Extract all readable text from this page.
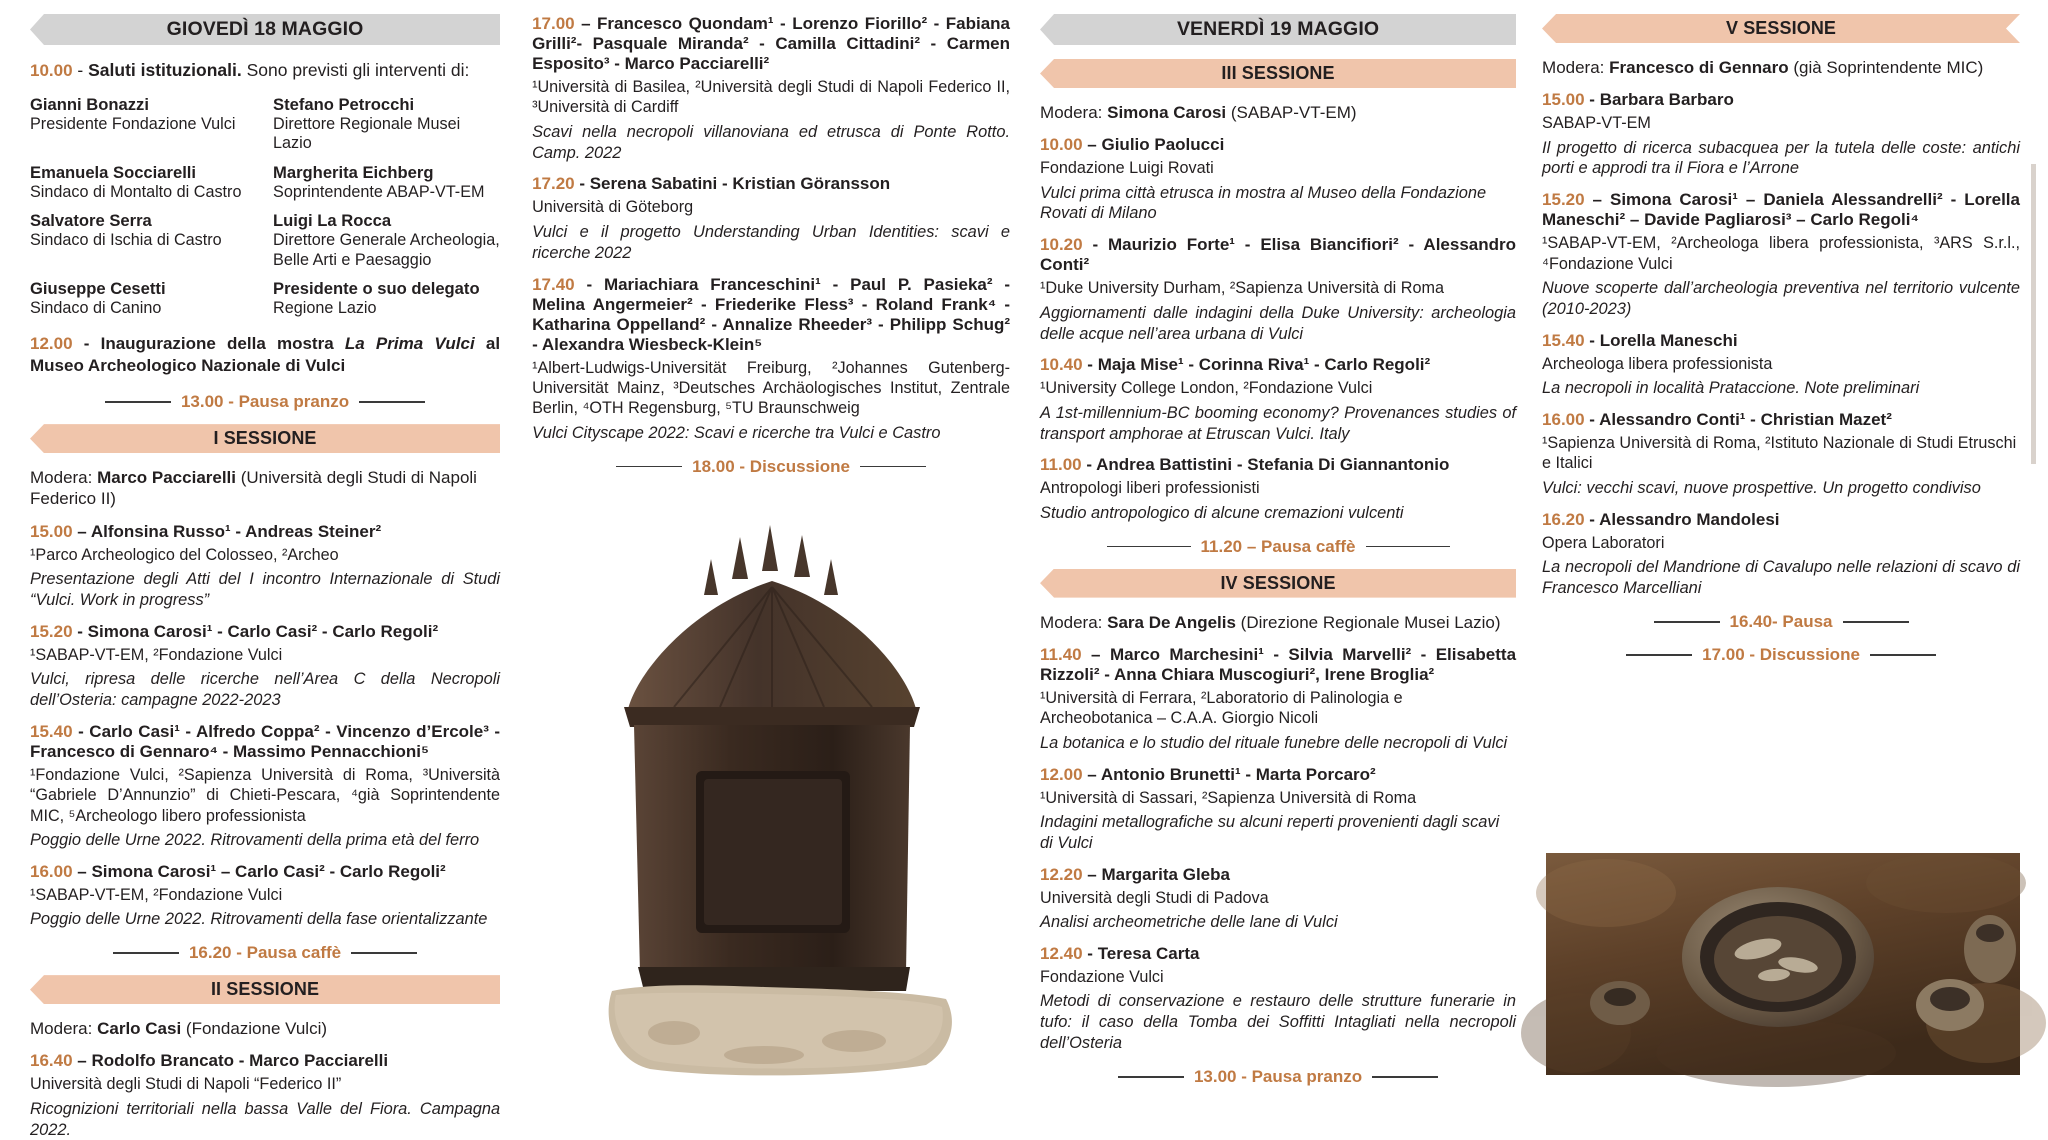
GIOVEDÌ 18 MAGGIO
10.00 - Saluti istituzionali. Sono previsti gli interventi di:
Gianni Bonazzi
Presidente Fondazione Vulci
Stefano Petrocchi
Direttore Regionale Musei Lazio
Emanuela Socciarelli
Sindaco di Montalto di Castro
Margherita Eichberg
Soprintendente ABAP-VT-EM
Salvatore Serra
Sindaco di Ischia di Castro
Luigi La Rocca
Direttore Generale Archeologia, Belle Arti e Paesaggio
Giuseppe Cesetti
Sindaco di Canino
Presidente o suo delegato
Regione Lazio
12.00 - Inaugurazione della mostra La Prima Vulci al Museo Archeologico Nazionale di Vulci
13.00 - Pausa pranzo
I SESSIONE
Modera: Marco Pacciarelli (Università degli Studi di Napoli Federico II)
15.00 – Alfonsina Russo¹ - Andreas Steiner²
¹Parco Archeologico del Colosseo, ²Archeo
Presentazione degli Atti del I incontro Internazionale di Studi “Vulci. Work in progress”
15.20 - Simona Carosi¹ - Carlo Casi² - Carlo Regoli²
¹SABAP-VT-EM, ²Fondazione Vulci
Vulci, ripresa delle ricerche nell’Area C della Necropoli dell’Osteria: campagne 2022-2023
15.40 - Carlo Casi¹ - Alfredo Coppa² - Vincenzo d’Ercole³ - Francesco di Gennaro⁴ - Massimo Pennacchioni⁵
¹Fondazione Vulci, ²Sapienza Università di Roma, ³Università “Gabriele D’Annunzio” di Chieti-Pescara, ⁴già Soprintendente MIC, ⁵Archeologo libero professionista
Poggio delle Urne 2022. Ritrovamenti della prima età del ferro
16.00 – Simona Carosi¹ – Carlo Casi² - Carlo Regoli²
¹SABAP-VT-EM, ²Fondazione Vulci
Poggio delle Urne 2022. Ritrovamenti della fase orientalizzante
16.20 - Pausa caffè
II SESSIONE
Modera: Carlo Casi (Fondazione Vulci)
16.40 – Rodolfo Brancato - Marco Pacciarelli
Università degli Studi di Napoli “Federico II”
Ricognizioni territoriali nella bassa Valle del Fiora. Campagna 2022.
17.00 – Francesco Quondam¹ - Lorenzo Fiorillo² - Fabiana Grilli²- Pasquale Miranda² - Camilla Cittadini² - Carmen Esposito³ - Marco Pacciarelli²
¹Università di Basilea, ²Università degli Studi di Napoli Federico II, ³Università di Cardiff
Scavi nella necropoli villanoviana ed etrusca di Ponte Rotto. Camp. 2022
17.20 - Serena Sabatini - Kristian Göransson
Università di Göteborg
Vulci e il progetto Understanding Urban Identities: scavi e ricerche 2022
17.40 - Mariachiara Franceschini¹ - Paul P. Pasieka² - Melina Angermeier² - Friederike Fless³ - Roland Frank⁴ - Katharina Oppelland² - Annalize Rheeder³ - Philipp Schug² - Alexandra Wiesbeck-Klein⁵
¹Albert-Ludwigs-Universität Freiburg, ²Johannes Gutenberg-Universität Mainz, ³Deutsches Archäologisches Institut, Zentrale Berlin, ⁴OTH Regensburg, ⁵TU Braunschweig
Vulci Cityscape 2022: Scavi e ricerche tra Vulci e Castro
18.00 - Discussione
VENERDÌ 19 MAGGIO
III SESSIONE
Modera: Simona Carosi (SABAP-VT-EM)
10.00 – Giulio Paolucci
Fondazione Luigi Rovati
Vulci prima città etrusca in mostra al Museo della Fondazione Rovati di Milano
10.20 - Maurizio Forte¹ - Elisa Biancifiori² - Alessandro Conti²
¹Duke University Durham, ²Sapienza Università di Roma
Aggiornamenti dalle indagini della Duke University: archeologia delle acque nell’area urbana di Vulci
10.40 - Maja Mise¹ - Corinna Riva¹ - Carlo Regoli²
¹University College London, ²Fondazione Vulci
A 1st-millennium-BC booming economy? Provenances studies of transport amphorae at Etruscan Vulci. Italy
11.00 - Andrea Battistini - Stefania Di Giannantonio
Antropologi liberi professionisti
Studio antropologico di alcune cremazioni vulcenti
11.20 – Pausa caffè
IV SESSIONE
Modera: Sara De Angelis (Direzione Regionale Musei Lazio)
11.40 – Marco Marchesini¹ - Silvia Marvelli² - Elisabetta Rizzoli² - Anna Chiara Muscogiuri², Irene Broglia²
¹Università di Ferrara, ²Laboratorio di Palinologia e Archeobotanica – C.A.A. Giorgio Nicoli
La botanica e lo studio del rituale funebre delle necropoli di Vulci
12.00 – Antonio Brunetti¹ - Marta Porcaro²
¹Università di Sassari, ²Sapienza Università di Roma
Indagini metallografiche su alcuni reperti provenienti dagli scavi di Vulci
12.20 – Margarita Gleba
Università degli Studi di Padova
Analisi archeometriche delle lane di Vulci
12.40 - Teresa Carta
Fondazione Vulci
Metodi di conservazione e restauro delle strutture funerarie in tufo: il caso della Tomba dei Soffitti Intagliati nella necropoli dell’Osteria
13.00 - Pausa pranzo
V SESSIONE
Modera: Francesco di Gennaro (già Soprintendente MIC)
15.00 - Barbara Barbaro
SABAP-VT-EM
Il progetto di ricerca subacquea per la tutela delle coste: antichi porti e approdi tra il Fiora e l’Arrone
15.20 – Simona Carosi¹ – Daniela Alessandrelli² - Lorella Maneschi² – Davide Pagliarosi³ – Carlo Regoli⁴
¹SABAP-VT-EM, ²Archeologa libera professionista, ³ARS S.r.l., ⁴Fondazione Vulci
Nuove scoperte dall’archeologia preventiva nel territorio vulcente (2010-2023)
15.40 - Lorella Maneschi
Archeologa libera professionista
La necropoli in località Prataccione. Note preliminari
16.00 - Alessandro Conti¹ - Christian Mazet²
¹Sapienza Università di Roma, ²Istituto Nazionale di Studi Etruschi e Italici
Vulci: vecchi scavi, nuove prospettive. Un progetto condiviso
16.20 - Alessandro Mandolesi
Opera Laboratori
La necropoli del Mandrione di Cavalupo nelle relazioni di scavo di Francesco Marcelliani
16.40- Pausa
17.00 - Discussione
